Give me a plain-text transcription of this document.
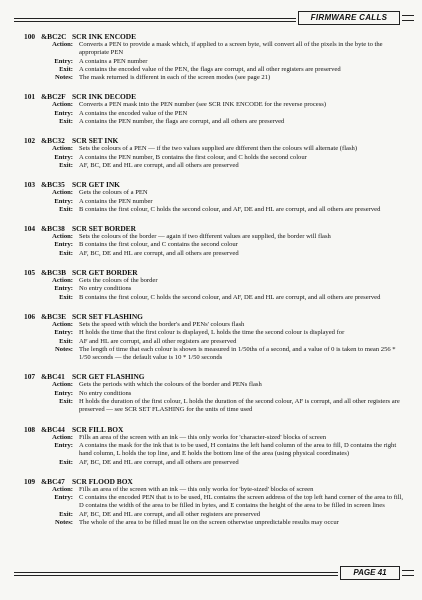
FIRMWARE CALLS
100 &BC2C SCR INK ENCODE
Action: Converts a PEN to provide a mask which, if applied to a screen byte, will convert all of the pixels in the byte to the appropriate PEN
Entry: A contains a PEN number
Exit: A contains the encoded value of the PEN, the flags are corrupt, and all other registers are preserved
Notes: The mask returned is different in each of the screen modes (see page 21)
101 &BC2F SCR INK DECODE
Action: Converts a PEN mask into the PEN number (see SCR INK ENCODE for the reverse process)
Entry: A contains the encoded value of the PEN
Exit: A contains the PEN number, the flags are corrupt, and all others are preserved
102 &BC32 SCR SET INK
Action: Sets the colours of a PEN — if the two values supplied are different then the colours will alternate (flash)
Entry: A contains the PEN number, B contains the first colour, and C holds the second colour
Exit: AF, BC, DE and HL are corrupt, and all others are preserved
103 &BC35 SCR GET INK
Action: Gets the colours of a PEN
Entry: A contains the PEN number
Exit: B contains the first colour, C holds the second colour, and AF, DE and HL are corrupt, and all others are preserved
104 &BC38 SCR SET BORDER
Action: Sets the colours of the border — again if two different values are supplied, the border will flash
Entry: B contains the first colour, and C contains the second colour
Exit: AF, BC, DE and HL are corrupt, and all others are preserved
105 &BC3B SCR GET BORDER
Action: Gets the colours of the border
Entry: No entry conditions
Exit: B contains the first colour, C holds the second colour, and AF, DE and HL are corrupt, and all others are preserved
106 &BC3E SCR SET FLASHING
Action: Sets the speed with which the border's and PENs' colours flash
Entry: H holds the time that the first colour is displayed, L holds the time the second colour is displayed for
Exit: AF and HL are corrupt, and all other registers are preserved
Notes: The length of time that each colour is shown is measured in 1/50ths of a second, and a value of 0 is taken to mean 256 * 1/50 seconds — the default value is 10 * 1/50 seconds
107 &BC41 SCR GET FLASHING
Action: Gets the periods with which the colours of the border and PENs flash
Entry: No entry conditions
Exit: H holds the duration of the first colour, L holds the duration of the second colour, AF is corrupt, and all other registers are preserved — see SCR SET FLASHING for the units of time used
108 &BC44 SCR FILL BOX
Action: Fills an area of the screen with an ink — this only works for 'character-sized' blocks of screen
Entry: A contains the mask for the ink that is to be used, H contains the left hand column of the area to fill, D contains the right hand column, L holds the top line, and E holds the bottom line of the area (using physical coordinates)
Exit: AF, BC, DE and HL are corrupt, and all others are preserved
109 &BC47 SCR FLOOD BOX
Action: Fills an area of the screen with an ink — this only works for 'byte-sized' blocks of screen
Entry: C contains the encoded PEN that is to be used, HL contains the screen address of the top left hand corner of the area to fill, D contains the width of the area to be filled in bytes, and E contains the height of the area to be filled in screen lines
Exit: AF, BC, DE and HL are corrupt, and all other registers are preserved
Notes: The whole of the area to be filled must lie on the screen otherwise unpredictable results may occur
PAGE 41
